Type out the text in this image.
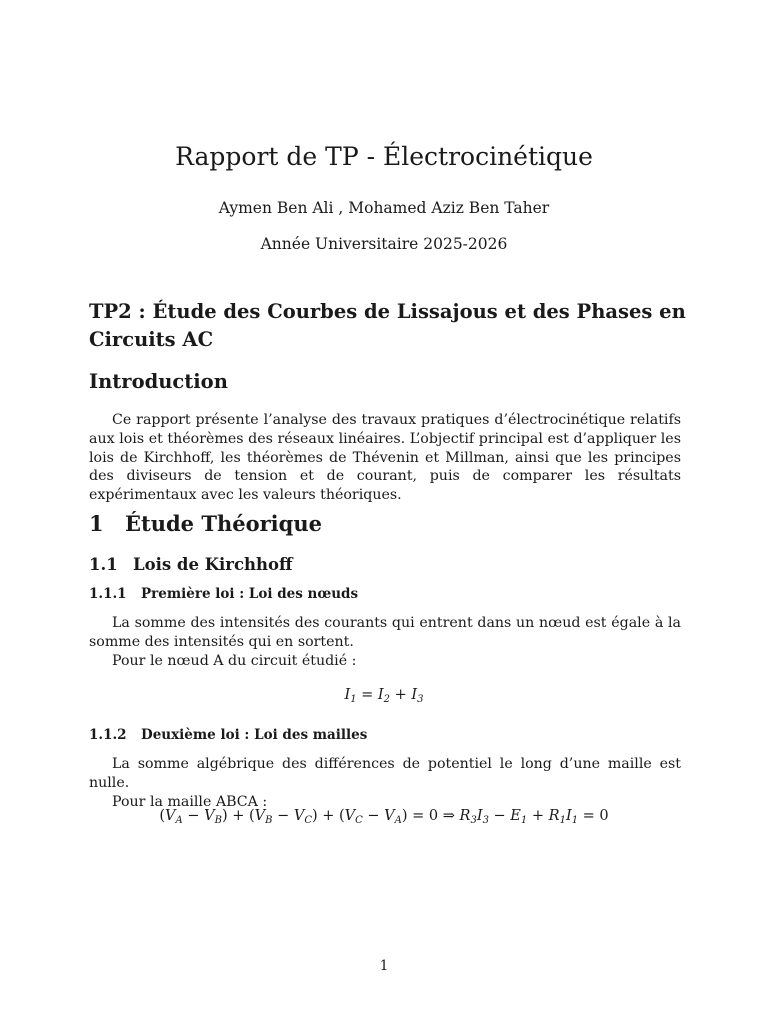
Rapport de TP - Électrocinétique
Aymen Ben Ali , Mohamed Aziz Ben Taher
Année Universitaire 2025-2026
TP2 : Étude des Courbes de Lissajous et des Phases en Circuits AC
Introduction

Ce rapport présente l’analyse des travaux pratiques d’électrocinétique relatifs aux lois et théorèmes des réseaux linéaires. L’objectif principal est d’appliquer les lois de Kirchhoff, les théorèmes de Thévenin et Millman, ainsi que les principes des diviseurs de tension et de courant, puis de comparer les résultats expérimentaux avec les valeurs théoriques.

1 Étude Théorique
1.1 Lois de Kirchhoff
1.1.1 Première loi : Loi des nœuds

La somme des intensités des courants qui entrent dans un nœud est égale à la somme des intensités qui en sortent.

Pour le nœud A du circuit étudié :

$I_1 = I_2 + I_3$
1.1.2 Deuxième loi : Loi des mailles

La somme algébrique des différences de potentiel le long d’une maille est nulle.

Pour la maille ABCA :

$(V_A - V_B) + (V_B - V_C) + (V_C - V_A) = 0$ ⇒ $R_3I_3 - E_1 + R_1I_1 = 0$
1
